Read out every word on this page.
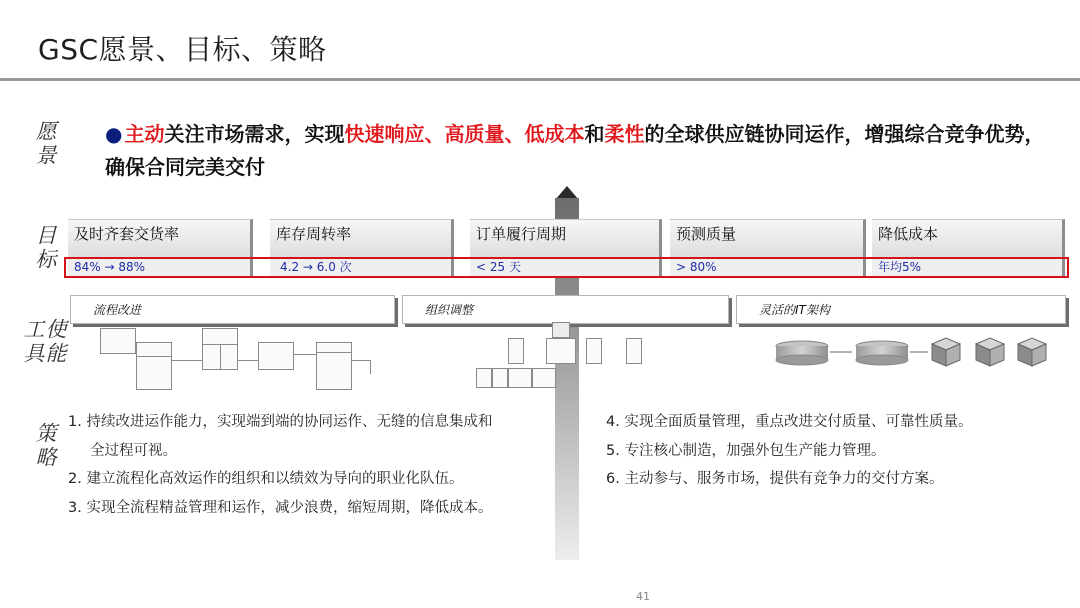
GSC愿景、目标、策略
愿景
目标
使能工具
策略
● 主动关注市场需求，实现快速响应、高质量、低成本和柔性的全球供应链协同运作，增强综合竞争优势，确保合同完美交付
及时齐套交货率	库存周转率	订单履行周期	预测质量	降低成本
84% → 88%	4.2 → 6.0 次	< 25 天	> 80%	年均5%
流程改进	组织调整	灵活的IT架构
1. 持续改进运作能力，实现端到端的协同运作、无缝的信息集成和
全过程可视。
2. 建立流程化高效运作的组织和以绩效为导向的职业化队伍。
3. 实现全流程精益管理和运作，减少浪费，缩短周期，降低成本。
4. 实现全面质量管理，重点改进交付质量、可靠性质量。
5. 专注核心制造，加强外包生产能力管理。
6. 主动参与、服务市场，提供有竞争力的交付方案。
41
